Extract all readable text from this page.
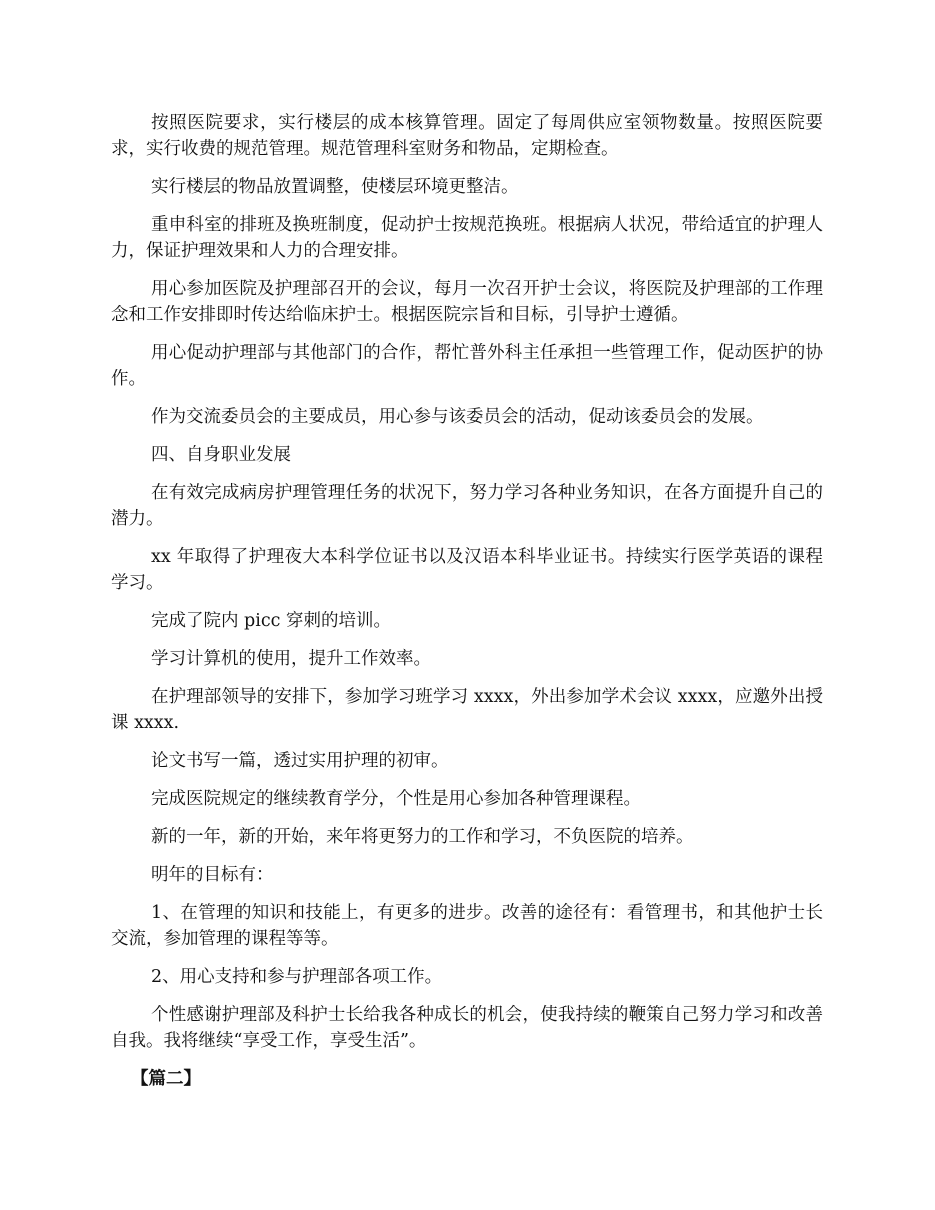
按照医院要求，实行楼层的成本核算管理。固定了每周供应室领物数量。按照医院要求，实行收费的规范管理。规范管理科室财务和物品，定期检查。

实行楼层的物品放置调整，使楼层环境更整洁。

重申科室的排班及换班制度，促动护士按规范换班。根据病人状况，带给适宜的护理人力，保证护理效果和人力的合理安排。

用心参加医院及护理部召开的会议，每月一次召开护士会议，将医院及护理部的工作理念和工作安排即时传达给临床护士。根据医院宗旨和目标，引导护士遵循。

用心促动护理部与其他部门的合作，帮忙普外科主任承担一些管理工作，促动医护的协作。

作为交流委员会的主要成员，用心参与该委员会的活动，促动该委员会的发展。

四、自身职业发展

在有效完成病房护理管理任务的状况下，努力学习各种业务知识，在各方面提升自己的潜力。

xx 年取得了护理夜大本科学位证书以及汉语本科毕业证书。持续实行医学英语的课程学习。

完成了院内 picc 穿刺的培训。

学习计算机的使用，提升工作效率。

在护理部领导的安排下，参加学习班学习 xxxx，外出参加学术会议 xxxx，应邀外出授课 xxxx.

论文书写一篇，透过实用护理的初审。

完成医院规定的继续教育学分，个性是用心参加各种管理课程。

新的一年，新的开始，来年将更努力的工作和学习，不负医院的培养。

明年的目标有：

1、在管理的知识和技能上，有更多的进步。改善的途径有：看管理书，和其他护士长交流，参加管理的课程等等。

2、用心支持和参与护理部各项工作。

个性感谢护理部及科护士长给我各种成长的机会，使我持续的鞭策自己努力学习和改善自我。我将继续“享受工作，享受生活”。

【篇二】
